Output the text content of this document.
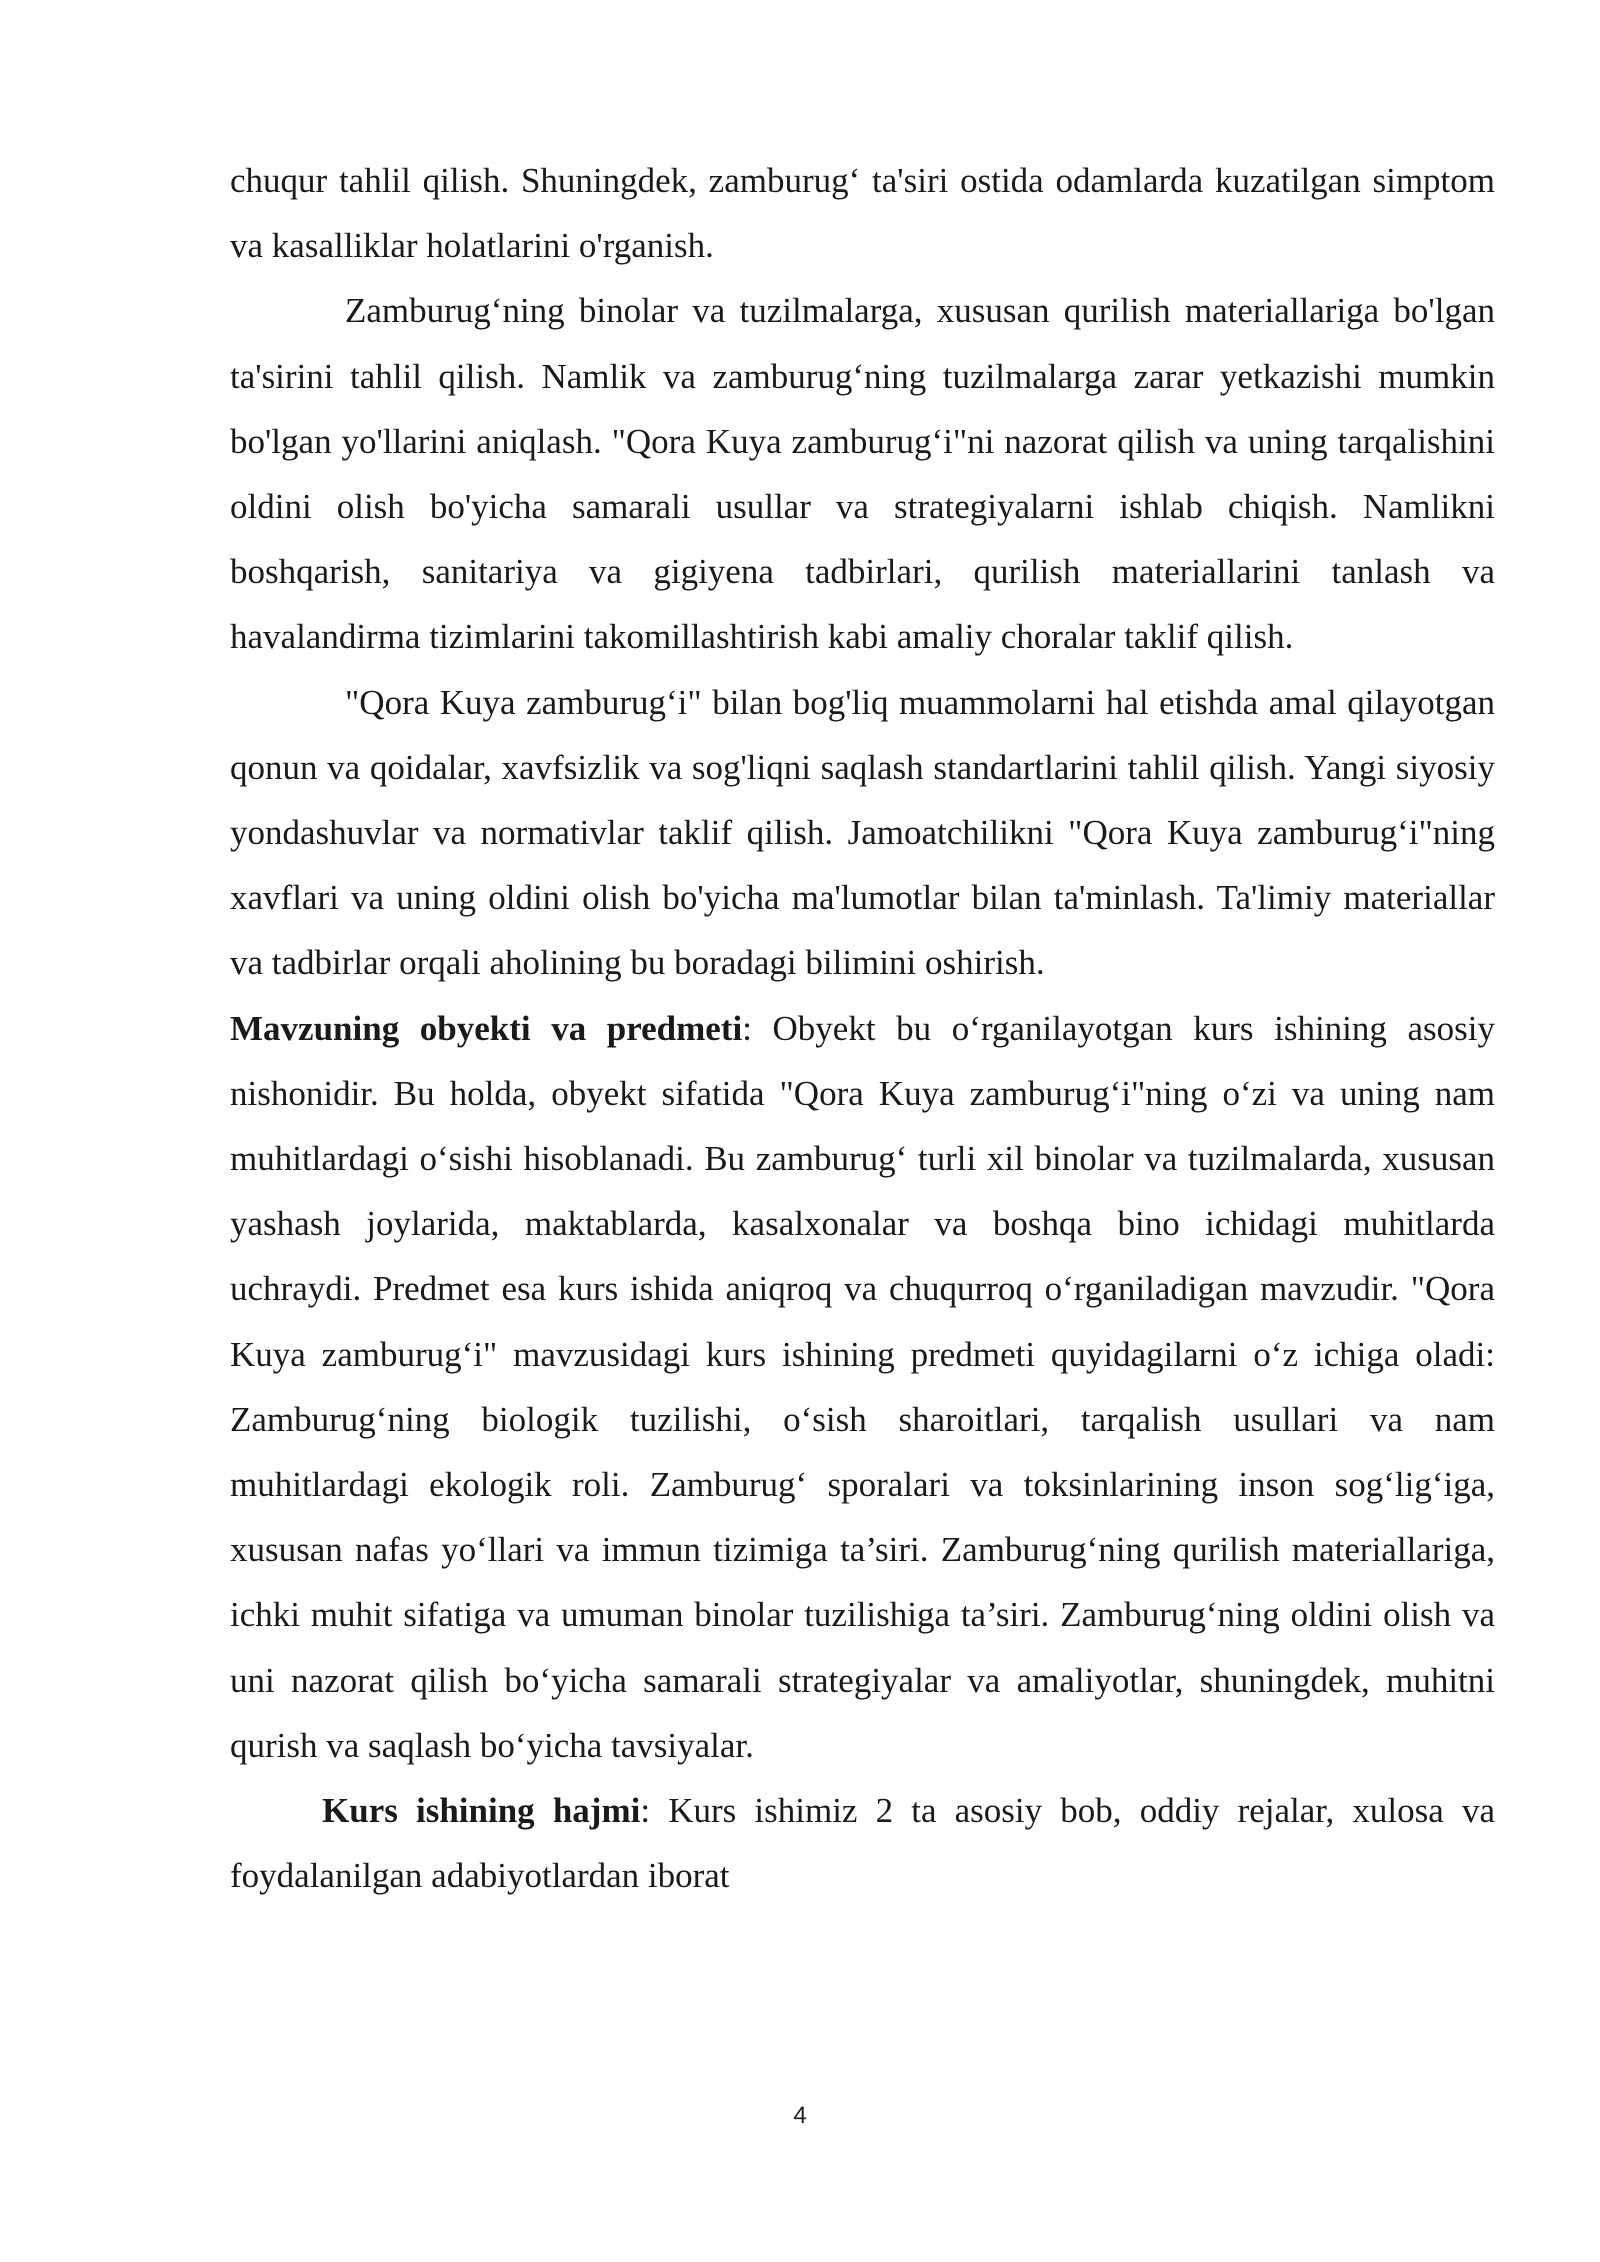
chuqur tahlil qilish. Shuningdek, zamburug‘ ta'siri ostida odamlarda kuzatilgan simptom va kasalliklar holatlarini o'rganish.

Zamburug‘ning binolar va tuzilmalarga, xususan qurilish materiallariga bo'lgan ta'sirini tahlil qilish. Namlik va zamburug‘ning tuzilmalarga zarar yetkazishi mumkin bo'lgan yo'llarini aniqlash. "Qora Kuya zamburug‘i"ni nazorat qilish va uning tarqalishini oldini olish bo'yicha samarali usullar va strategiyalarni ishlab chiqish. Namlikni boshqarish, sanitariya va gigiyena tadbirlari, qurilish materiallarini tanlash va havalandirma tizimlarini takomillashtirish kabi amaliy choralar taklif qilish.

"Qora Kuya zamburug‘i" bilan bog'liq muammolarni hal etishda amal qilayotgan qonun va qoidalar, xavfsizlik va sog'liqni saqlash standartlarini tahlil qilish. Yangi siyosiy yondashuvlar va normativlar taklif qilish. Jamoatchilikni "Qora Kuya zamburug‘i"ning xavflari va uning oldini olish bo'yicha ma'lumotlar bilan ta'minlash. Ta'limiy materiallar va tadbirlar orqali aholining bu boradagi bilimini oshirish.

Mavzuning obyekti va predmeti: Obyekt bu o‘rganilayotgan kurs ishining asosiy nishonidir. Bu holda, obyekt sifatida "Qora Kuya zamburug‘i"ning o‘zi va uning nam muhitlardagi o‘sishi hisoblanadi. Bu zamburug‘ turli xil binolar va tuzilmalarda, xususan yashash joylarida, maktablarda, kasalxonalar va boshqa bino ichidagi muhitlarda uchraydi. Predmet esa kurs ishida aniqroq va chuqurroq o‘rganiladigan mavzudir. "Qora Kuya zamburug‘i" mavzusidagi kurs ishining predmeti quyidagilarni o‘z ichiga oladi: Zamburug‘ning biologik tuzilishi, o‘sish sharoitlari, tarqalish usullari va nam muhitlardagi ekologik roli. Zamburug‘ sporalari va toksinlarining inson sog‘lig‘iga, xususan nafas yo‘llari va immun tizimiga ta’siri. Zamburug‘ning qurilish materiallariga, ichki muhit sifatiga va umuman binolar tuzilishiga ta’siri. Zamburug‘ning oldini olish va uni nazorat qilish bo‘yicha samarali strategiyalar va amaliyotlar, shuningdek, muhitni qurish va saqlash bo‘yicha tavsiyalar.

Kurs ishining hajmi: Kurs ishimiz 2 ta asosiy bob, oddiy rejalar, xulosa va foydalanilgan adabiyotlardan iborat

4
